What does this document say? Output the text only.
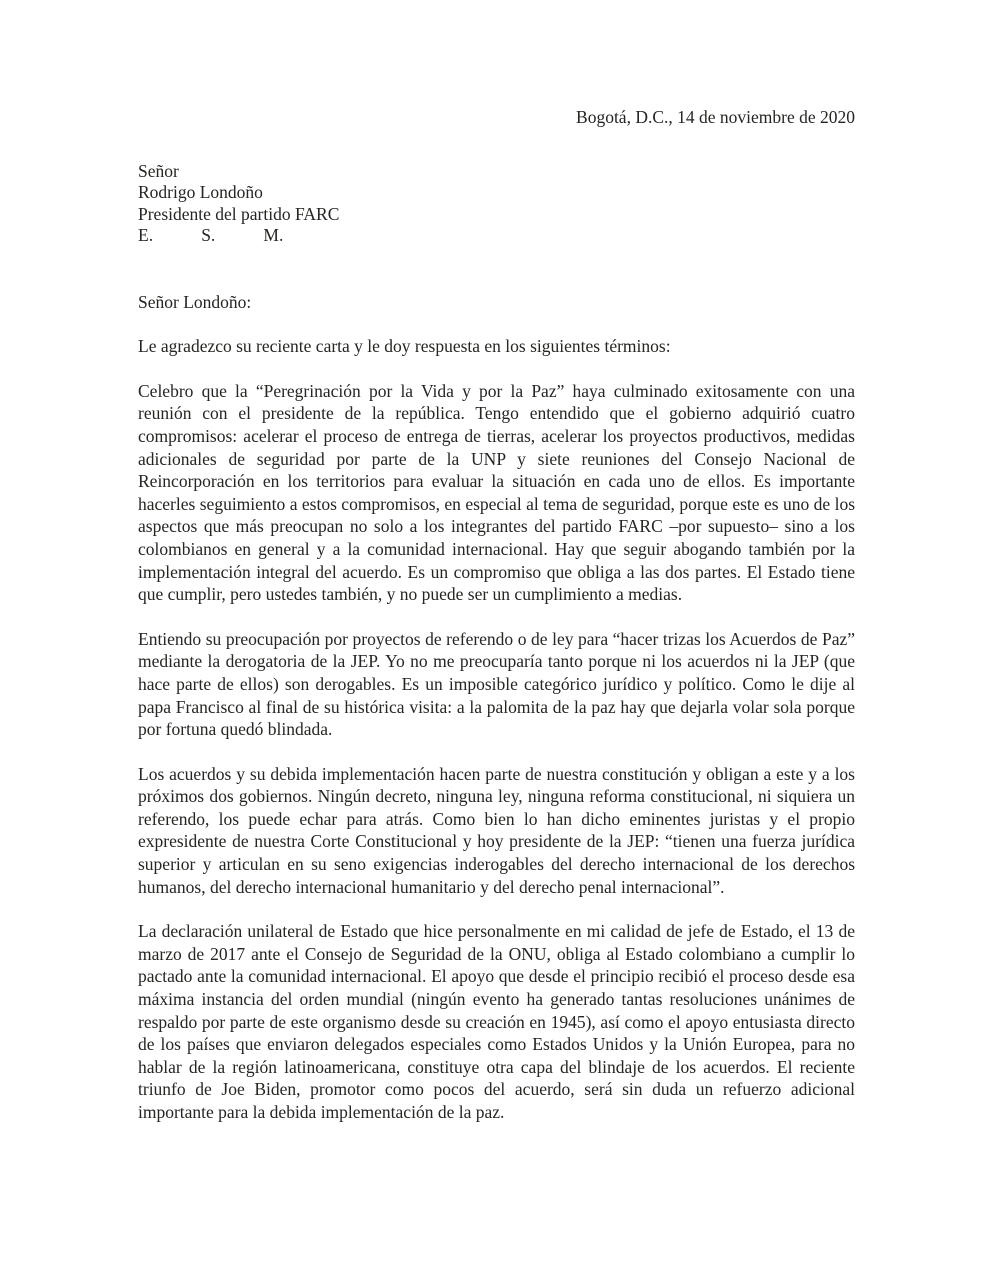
Bogotá, D.C., 14 de noviembre de 2020
Señor
Rodrigo Londoño
Presidente del partido FARC
E.           S.           M.
Señor Londoño:

Le agradezco su reciente carta y le doy respuesta en los siguientes términos:

Celebro que la “Peregrinación por la Vida y por la Paz” haya culminado exitosamente con una reunión con el presidente de la república. Tengo entendido que el gobierno adquirió cuatro compromisos: acelerar el proceso de entrega de tierras, acelerar los proyectos productivos, medidas adicionales de seguridad por parte de la UNP y siete reuniones del Consejo Nacional de Reincorporación en los territorios para evaluar la situación en cada uno de ellos. Es importante hacerles seguimiento a estos compromisos, en especial al tema de seguridad, porque este es uno de los aspectos que más preocupan no solo a los integrantes del partido FARC –por supuesto– sino a los colombianos en general y a la comunidad internacional. Hay que seguir abogando también por la implementación integral del acuerdo. Es un compromiso que obliga a las dos partes. El Estado tiene que cumplir, pero ustedes también, y no puede ser un cumplimiento a medias.

Entiendo su preocupación por proyectos de referendo o de ley para “hacer trizas los Acuerdos de Paz” mediante la derogatoria de la JEP. Yo no me preocuparía tanto porque ni los acuerdos ni la JEP (que hace parte de ellos) son derogables. Es un imposible categórico jurídico y político. Como le dije al papa Francisco al final de su histórica visita: a la palomita de la paz hay que dejarla volar sola porque por fortuna quedó blindada.

Los acuerdos y su debida implementación hacen parte de nuestra constitución y obligan a este y a los próximos dos gobiernos. Ningún decreto, ninguna ley, ninguna reforma constitucional, ni siquiera un referendo, los puede echar para atrás. Como bien lo han dicho eminentes juristas y el propio expresidente de nuestra Corte Constitucional y hoy presidente de la JEP: “tienen una fuerza jurídica superior y articulan en su seno exigencias inderogables del derecho internacional de los derechos humanos, del derecho internacional humanitario y del derecho penal internacional”.

La declaración unilateral de Estado que hice personalmente en mi calidad de jefe de Estado, el 13 de marzo de 2017 ante el Consejo de Seguridad de la ONU, obliga al Estado colombiano a cumplir lo pactado ante la comunidad internacional. El apoyo que desde el principio recibió el proceso desde esa máxima instancia del orden mundial (ningún evento ha generado tantas resoluciones unánimes de respaldo por parte de este organismo desde su creación en 1945), así como el apoyo entusiasta directo de los países que enviaron delegados especiales como Estados Unidos y la Unión Europea, para no hablar de la región latinoamericana, constituye otra capa del blindaje de los acuerdos. El reciente triunfo de Joe Biden, promotor como pocos del acuerdo, será sin duda un refuerzo adicional importante para la debida implementación de la paz.
